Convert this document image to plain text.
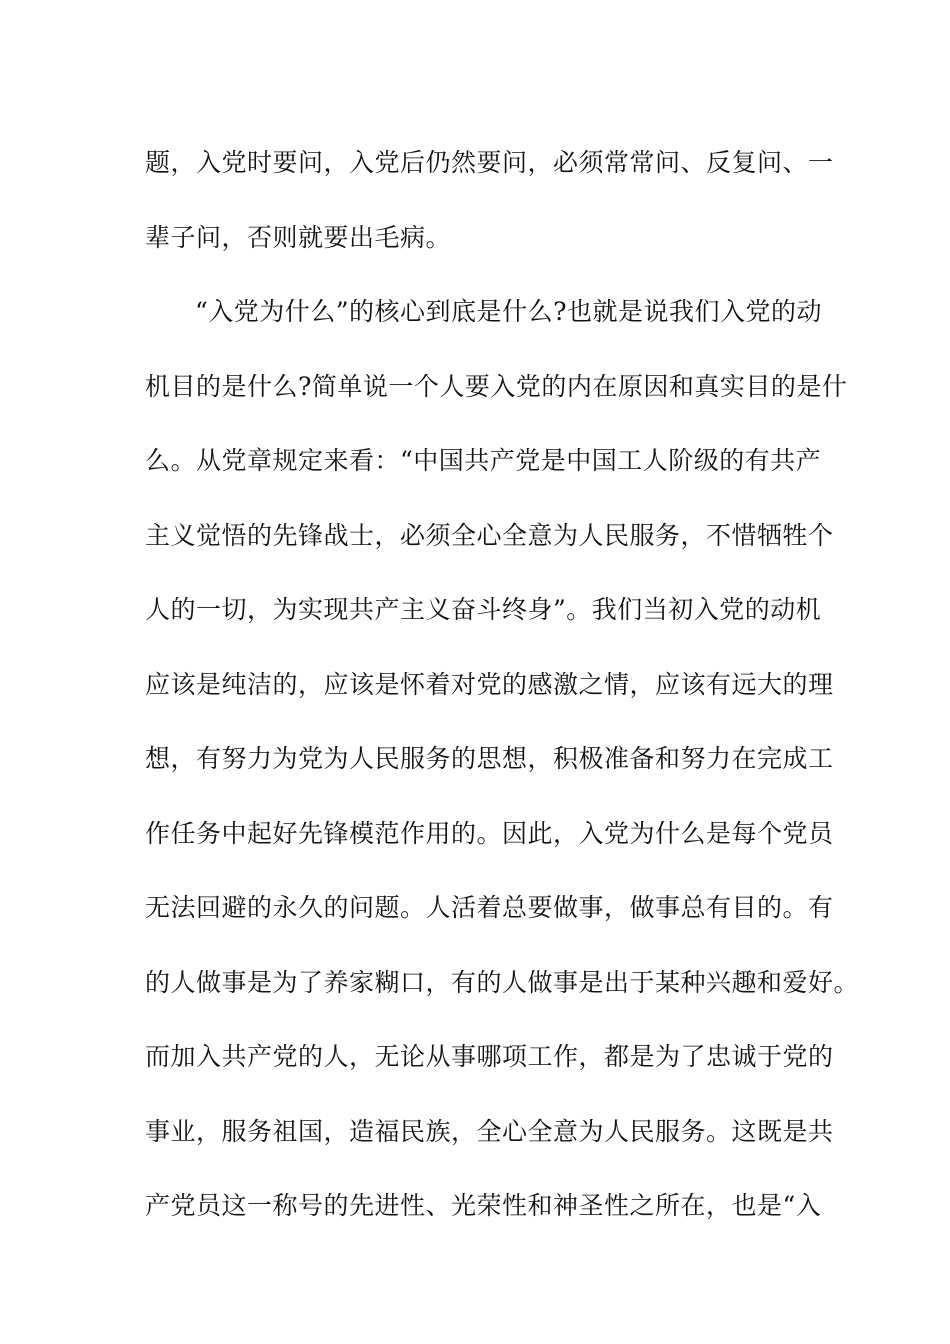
题，入党时要问，入党后仍然要问，必须常常问、反复问、一
辈子问，否则就要出毛病。
“入党为什么”的核心到底是什么?也就是说我们入党的动
机目的是什么?简单说一个人要入党的内在原因和真实目的是什
么。从党章规定来看：“中国共产党是中国工人阶级的有共产
主义觉悟的先锋战士，必须全心全意为人民服务，不惜牺牲个
人的一切，为实现共产主义奋斗终身”。我们当初入党的动机
应该是纯洁的，应该是怀着对党的感激之情，应该有远大的理
想，有努力为党为人民服务的思想，积极准备和努力在完成工
作任务中起好先锋模范作用的。因此，入党为什么是每个党员
无法回避的永久的问题。人活着总要做事，做事总有目的。有
的人做事是为了养家糊口，有的人做事是出于某种兴趣和爱好。
而加入共产党的人，无论从事哪项工作，都是为了忠诚于党的
事业，服务祖国，造福民族，全心全意为人民服务。这既是共
产党员这一称号的先进性、光荣性和神圣性之所在，也是“入
